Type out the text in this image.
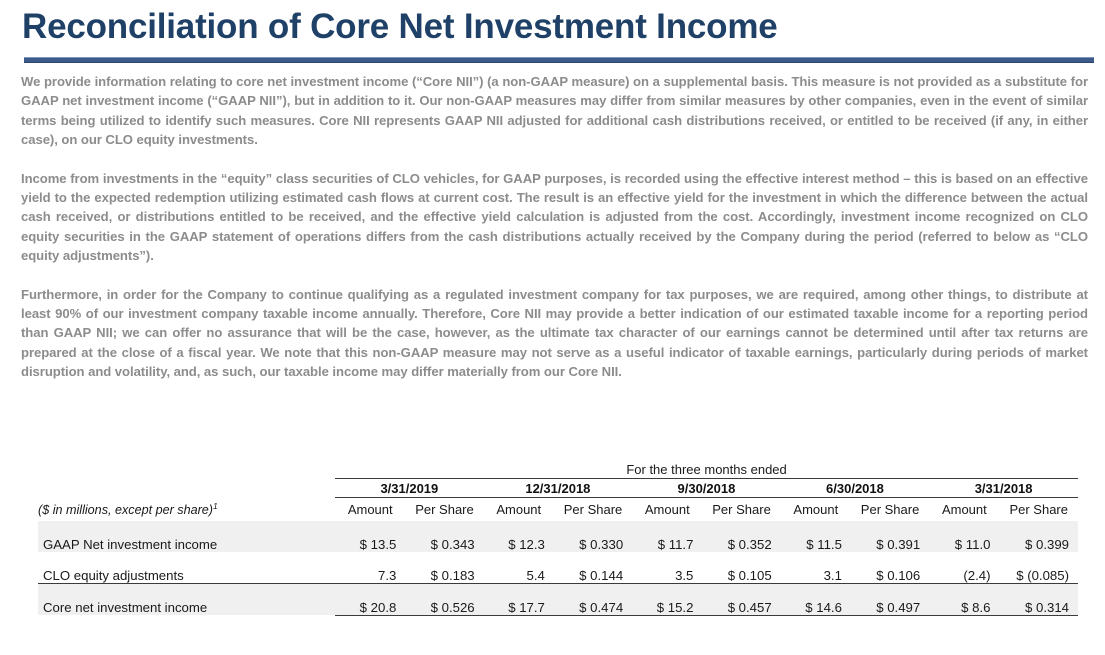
Reconciliation of Core Net Investment Income

We provide information relating to core net investment income (“Core NII”) (a non-GAAP measure) on a supplemental basis. This measure is not provided as a substitute for GAAP net investment income (“GAAP NII”), but in addition to it. Our non-GAAP measures may differ from similar measures by other companies, even in the event of similar terms being utilized to identify such measures. Core NII represents GAAP NII adjusted for additional cash distributions received, or entitled to be received (if any, in either case), on our CLO equity investments.

Income from investments in the “equity” class securities of CLO vehicles, for GAAP purposes, is recorded using the effective interest method – this is based on an effective yield to the expected redemption utilizing estimated cash flows at current cost. The result is an effective yield for the investment in which the difference between the actual cash received, or distributions entitled to be received, and the effective yield calculation is adjusted from the cost. Accordingly, investment income recognized on CLO equity securities in the GAAP statement of operations differs from the cash distributions actually received by the Company during the period (referred to below as “CLO equity adjustments”).

Furthermore, in order for the Company to continue qualifying as a regulated investment company for tax purposes, we are required, among other things, to distribute at least 90% of our investment company taxable income annually. Therefore, Core NII may provide a better indication of our estimated taxable income for a reporting period than GAAP NII; we can offer no assurance that will be the case, however, as the ultimate tax character of our earnings cannot be determined until after tax returns are prepared at the close of a fiscal year. We note that this non-GAAP measure may not serve as a useful indicator of taxable earnings, particularly during periods of market disruption and volatility, and, as such, our taxable income may differ materially from our Core NII.

	For the three months ended									
	3/31/2019		12/31/2018		9/30/2018		6/30/2018		3/31/2018	
($ in millions, except per share)$^1$	Amount	Per Share	Amount	Per Share	Amount	Per Share	Amount	Per Share	Amount	Per Share
GAAP Net investment income	$ 13.5	$ 0.343	$ 12.3	$ 0.330	$ 11.7	$ 0.352	$ 11.5	$ 0.391	$ 11.0	$ 0.399
CLO equity adjustments	7.3	$ 0.183	5.4	$ 0.144	3.5	$ 0.105	3.1	$ 0.106	(2.4)	$ (0.085)
Core net investment income	$ 20.8	$ 0.526	$ 17.7	$ 0.474	$ 15.2	$ 0.457	$ 14.6	$ 0.497	$ 8.6	$ 0.314
